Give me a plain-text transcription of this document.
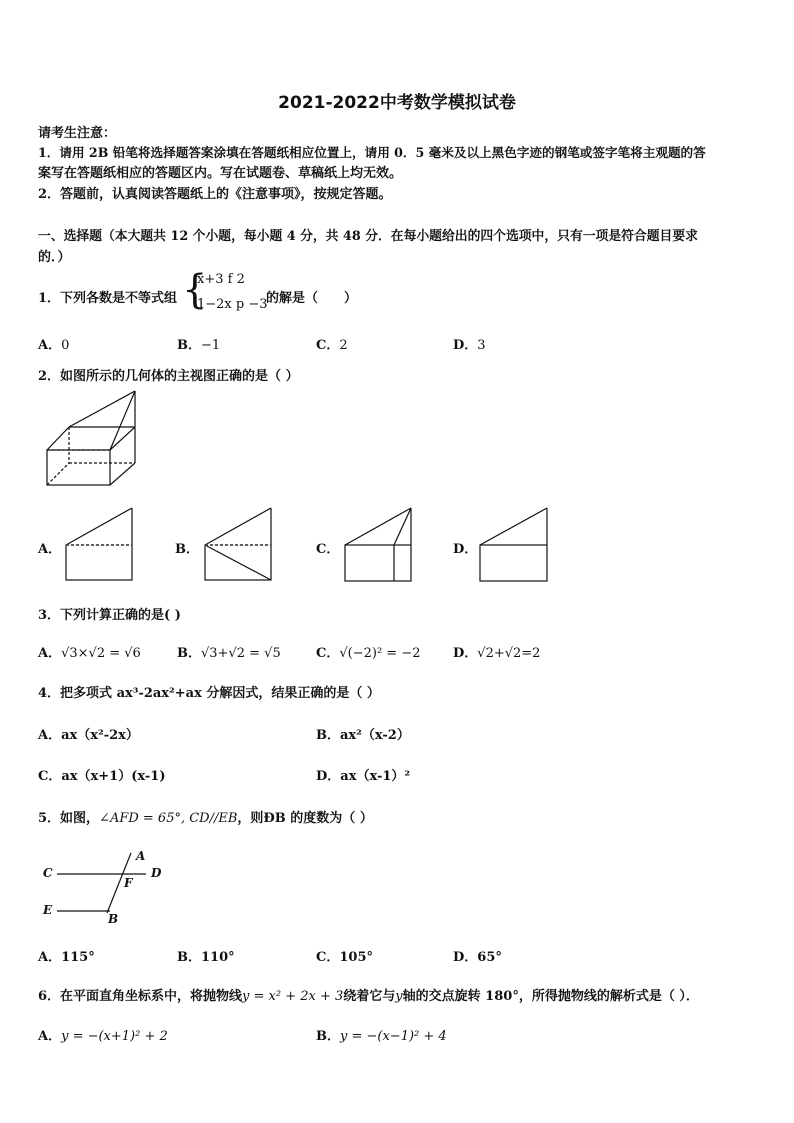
2021-2022中考数学模拟试卷
请考生注意：
1．请用 2B 铅笔将选择题答案涂填在答题纸相应位置上，请用 0．5 毫米及以上黑色字迹的钢笔或签字笔将主观题的答
案写在答题纸相应的答题区内。写在试题卷、草稿纸上均无效。
2．答题前，认真阅读答题纸上的《注意事项》，按规定答题。
一、选择题（本大题共 12 个小题，每小题 4 分，共 48 分．在每小题给出的四个选项中，只有一项是符合题目要求
的．）
1．下列各数是不等式组 {
x+3 f 2
1−2x p −3
的解是（　　）
A．0	B．−1	C．2	D．3
2．如图所示的几何体的主视图正确的是（ ）
A．	B．	C．	D．
3．下列计算正确的是( )
A．√3×√2 = √6	B．√3+√2 = √5	C．√(−2)² = −2	D．√2+√2=2
4．把多项式 ax³-2ax²+ax 分解因式，结果正确的是（ ）
A．ax（x²-2x）	B．ax²（x-2）
C．ax（x+1）(x-1)	D．ax（x-1）²
5．如图，∠AFD = 65°, CD//EB，则ÐB 的度数为（ ）
A
C	D
F
E
B
A．115°	B．110°	C．105°	D．65°
6．在平面直角坐标系中，将抛物线y = x² + 2x + 3绕着它与y轴的交点旋转 180°，所得抛物线的解析式是（ ）．
A．y = −(x+1)² + 2	B．y = −(x−1)² + 4
